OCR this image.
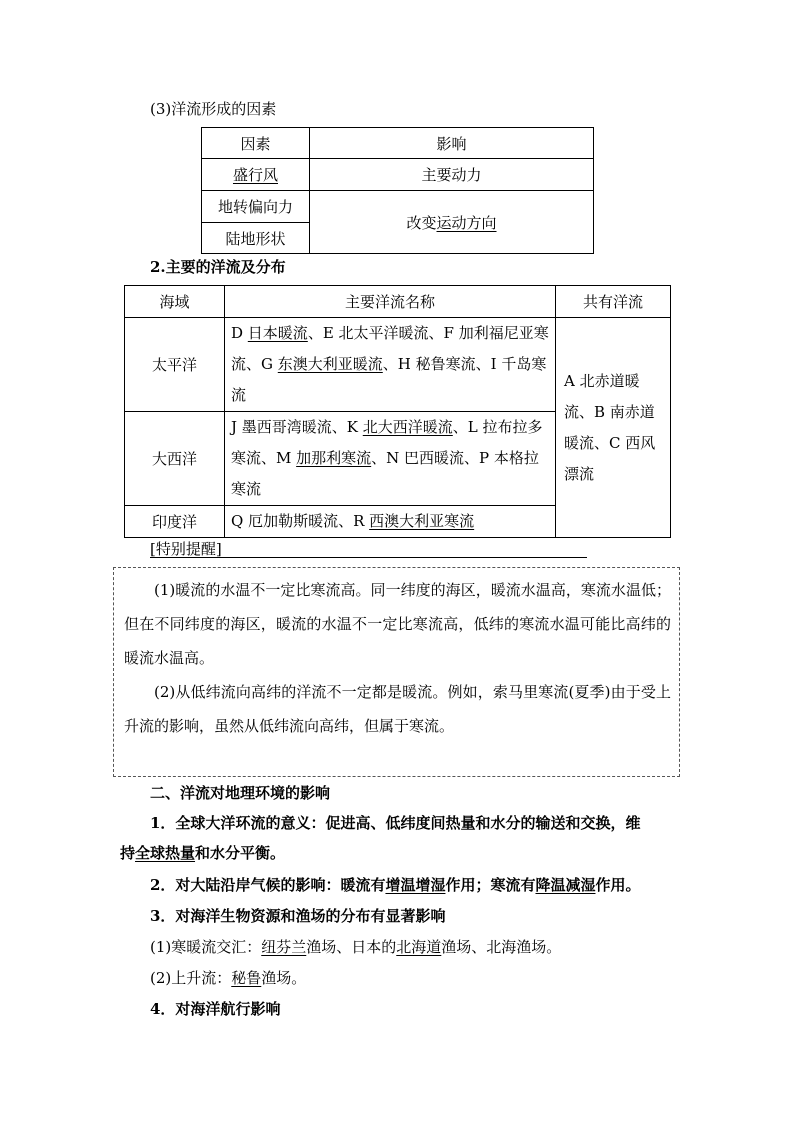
(3)洋流形成的因素
因素	影响
盛行风	主要动力
地转偏向力	改变运动方向
陆地形状	
2.主要的洋流及分布
海域	主要洋流名称	共有洋流
太平洋	D 日本暖流、E 北太平洋暖流、F 加利福尼亚寒流、G 东澳大利亚暖流、H 秘鲁寒流、I 千岛寒流	A 北赤道暖流、B 南赤道暖流、C 西风漂流
大西洋	J 墨西哥湾暖流、K 北大西洋暖流、L 拉布拉多寒流、M 加那利寒流、N 巴西暖流、P 本格拉寒流	
印度洋	Q 厄加勒斯暖流、R 西澳大利亚寒流	
[特别提醒]

(1)暖流的水温不一定比寒流高。同一纬度的海区，暖流水温高，寒流水温低；但在不同纬度的海区，暖流的水温不一定比寒流高，低纬的寒流水温可能比高纬的暖流水温高。

(2)从低纬流向高纬的洋流不一定都是暖流。例如，索马里寒流(夏季)由于受上升流的影响，虽然从低纬流向高纬，但属于寒流。

二、洋流对地理环境的影响
1．全球大洋环流的意义：促进高、低纬度间热量和水分的输送和交换，维
持全球热量和水分平衡。
2．对大陆沿岸气候的影响：暖流有增温增湿作用；寒流有降温减湿作用。
3．对海洋生物资源和渔场的分布有显著影响
(1)寒暖流交汇：纽芬兰渔场、日本的北海道渔场、北海渔场。
(2)上升流：秘鲁渔场。
4．对海洋航行影响
